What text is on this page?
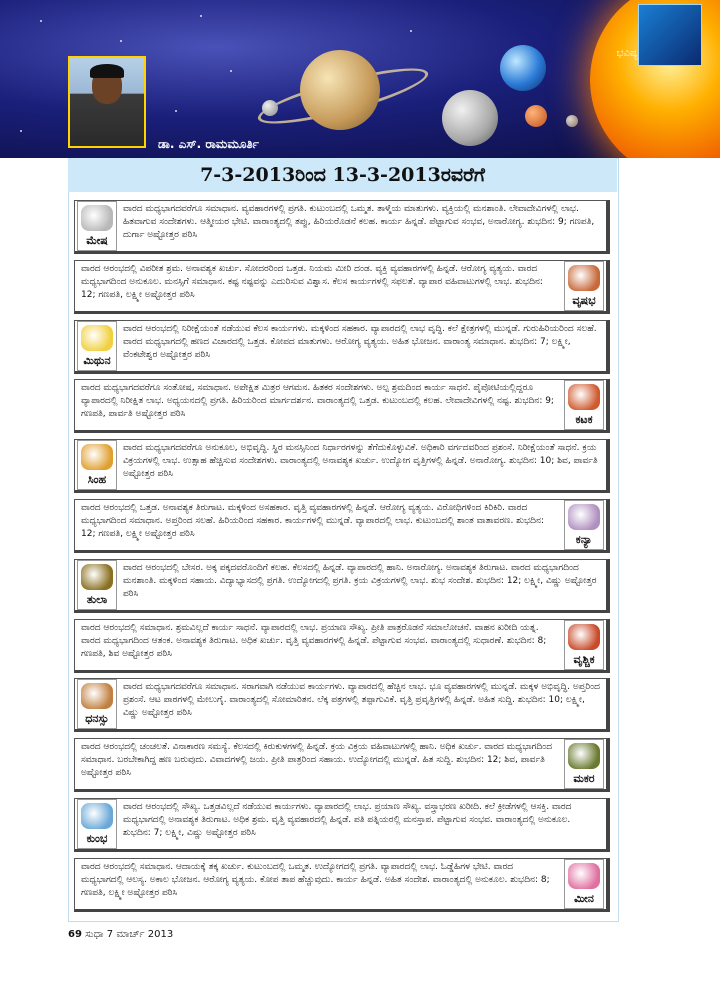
ಭವಿಷ್ಯ
ಡಾ. ಎಸ್. ರಾಮಮೂರ್ತಿ
7-3-2013ರಿಂದ 13-3-2013ರವರೆಗೆ
ಮೇಷ
ವಾರದ ಮಧ್ಯಭಾಗದವರೆಗೂ ಸಮಾಧಾನ. ವ್ಯವಹಾರಗಳಲ್ಲಿ ಪ್ರಗತಿ. ಕುಟುಂಬದಲ್ಲಿ ಒಮ್ಮತ. ತಾಳ್ಮೆಯ ಮಾತುಗಳು. ವ್ಯಕ್ತಿಯಲ್ಲಿ ಮನಶಾಂತಿ. ಲೇವಾದೇವಿಗಳಲ್ಲಿ ಲಾಭ. ಹಿತವಾಗುವ ಸಂದೇಶಗಳು. ಆತ್ಮೀಯರ ಭೇಟಿ. ವಾರಾಂತ್ಯದಲ್ಲಿ ತಪ್ಪು, ಹಿರಿಯರೊಡನೆ ಕಲಹ. ಕಾರ್ಯ ಹಿನ್ನಡೆ. ಪೆಟ್ಟಾಗುವ ಸಂಭವ, ಅನಾರೋಗ್ಯ. ಶುಭದಿನ: 9; ಗಣಪತಿ, ದುರ್ಗಾ ಅಷ್ಟೋತ್ತರ ಪಠಿಸಿ
ವೃಷಭ
ವಾರದ ಆರಂಭದಲ್ಲಿ ವಿಪರೀತ ಶ್ರಮ. ಅನಾವಶ್ಯಕ ಖರ್ಚು. ಸೋದರರಿಂದ ಒತ್ತಡ. ನಿಯಮ ಮೀರಿ ದಂಡ. ವ್ಯಕ್ತಿ ವ್ಯವಹಾರಗಳಲ್ಲಿ ಹಿನ್ನಡೆ. ಆರೋಗ್ಯ ವ್ಯತ್ಯಯ. ವಾರದ ಮಧ್ಯಭಾಗದಿಂದ ಅನುಕೂಲ. ಮನಸ್ಸಿಗೆ ಸಮಾಧಾನ. ಕಷ್ಟ ನಷ್ಟವನ್ನು ಎದುರಿಸುವ ವಿಶ್ವಾಸ. ಕೆಲಸ ಕಾರ್ಯಗಳಲ್ಲಿ ಸಫಲತೆ. ವ್ಯಾಪಾರ ವಹಿವಾಟುಗಳಲ್ಲಿ ಲಾಭ. ಶುಭದಿನ: 12; ಗಣಪತಿ, ಲಕ್ಷ್ಮೀ ಅಷ್ಟೋತ್ತರ ಪಠಿಸಿ
ಮಿಥುನ
ವಾರದ ಆರಂಭದಲ್ಲಿ ನಿರೀಕ್ಷೆಯಂತೆ ನಡೆಯುವ ಕೆಲಸ ಕಾರ್ಯಗಳು. ಮಕ್ಕಳಿಂದ ಸಹಕಾರ. ವ್ಯಾಪಾರದಲ್ಲಿ ಲಾಭ ವೃದ್ಧಿ. ಕಲೆ ಕ್ಷೇತ್ರಗಳಲ್ಲಿ ಮುನ್ನಡೆ. ಗುರುಹಿರಿಯರಿಂದ ಸಲಹೆ. ವಾರದ ಮಧ್ಯಭಾಗದಲ್ಲಿ ಹಣದ ವಿಚಾರದಲ್ಲಿ ಒತ್ತಡ. ಕೋಪದ ಮಾತುಗಳು. ಆರೋಗ್ಯ ವ್ಯತ್ಯಯ. ಅಹಿತ ಭೋಜನ. ವಾರಾಂತ್ಯ ಸಮಾಧಾನ. ಶುಭದಿನ: 7; ಲಕ್ಷ್ಮೀ, ವೆಂಕಟೇಶ್ವರ ಅಷ್ಟೋತ್ತರ ಪಠಿಸಿ
ಕಟಕ
ವಾರದ ಮಧ್ಯಭಾಗದವರೆಗೂ ಸಂತೋಷ, ಸಮಾಧಾನ. ಅಪೇಕ್ಷಿತ ಮಿತ್ರರ ಆಗಮನ. ಹಿತಕರ ಸಂದೇಶಗಳು. ಅಲ್ಪ ಶ್ರಮದಿಂದ ಕಾರ್ಯ ಸಾಧನೆ. ಪೈಪೋಟಿಯಲ್ಲಿದ್ದರೂ ವ್ಯಾಪಾರದಲ್ಲಿ ನಿರೀಕ್ಷಿತ ಲಾಭ. ಅಧ್ಯಯನದಲ್ಲಿ ಪ್ರಗತಿ. ಹಿರಿಯರಿಂದ ಮಾರ್ಗದರ್ಶನ. ವಾರಾಂತ್ಯದಲ್ಲಿ ಒತ್ತಡ. ಕುಟುಂಬದಲ್ಲಿ ಕಲಹ. ಲೇವಾದೇವಿಗಳಲ್ಲಿ ನಷ್ಟ. ಶುಭದಿನ: 9; ಗಣಪತಿ, ಪಾರ್ವತಿ ಅಷ್ಟೋತ್ತರ ಪಠಿಸಿ
ಸಿಂಹ
ವಾರದ ಮಧ್ಯಭಾಗದವರೆಗೂ ಅನುಕೂಲ, ಅಭಿವೃದ್ಧಿ. ಸ್ಥಿರ ಮನಸ್ಸಿನಿಂದ ನಿರ್ಧಾರಗಳನ್ನು ತೆಗೆದುಕೊಳ್ಳುವಿಕೆ. ಅಧಿಕಾರಿ ವರ್ಗದವರಿಂದ ಪ್ರಶಂಸೆ. ನಿರೀಕ್ಷೆಯಂತೆ ಸಾಧನೆ. ಕ್ರಯ ವಿಕ್ರಯಗಳಲ್ಲಿ ಲಾಭ. ಉತ್ಸಾಹ ಹೆಚ್ಚಿಸುವ ಸಂದೇಶಗಳು. ವಾರಾಂತ್ಯದಲ್ಲಿ ಅನಾವಶ್ಯಕ ಖರ್ಚು. ಉದ್ಯೋಗ ವೃತ್ತಿಗಳಲ್ಲಿ ಹಿನ್ನಡೆ. ಅನಾರೋಗ್ಯ. ಶುಭದಿನ: 10; ಶಿವ, ಪಾರ್ವತಿ ಅಷ್ಟೋತ್ತರ ಪಠಿಸಿ
ಕನ್ಯಾ
ವಾರದ ಆರಂಭದಲ್ಲಿ ಒತ್ತಡ. ಅನಾವಶ್ಯಕ ತಿರುಗಾಟ. ಮಕ್ಕಳಿಂದ ಅಸಹಕಾರ. ವೃತ್ತಿ ವ್ಯವಹಾರಗಳಲ್ಲಿ ಹಿನ್ನಡೆ. ಆರೋಗ್ಯ ವ್ಯತ್ಯಯ. ವಿರೋಧಿಗಳಿಂದ ಕಿರಿಕಿರಿ. ವಾರದ ಮಧ್ಯಭಾಗದಿಂದ ಸಮಾಧಾನ. ಅಪ್ತರಿಂದ ಸಲಹೆ. ಹಿರಿಯರಿಂದ ಸಹಕಾರ. ಕಾರ್ಯಗಳಲ್ಲಿ ಮುನ್ನಡೆ. ವ್ಯಾಪಾರದಲ್ಲಿ ಲಾಭ. ಕುಟುಂಬದಲ್ಲಿ ಶಾಂತ ವಾತಾವರಣ. ಶುಭದಿನ: 12; ಗಣಪತಿ, ಲಕ್ಷ್ಮೀ ಅಷ್ಟೋತ್ತರ ಪಠಿಸಿ
ತುಲಾ
ವಾರದ ಆರಂಭದಲ್ಲಿ ಬೇಸರ. ಅಕ್ಕ ಪಕ್ಕದವರೊಂದಿಗೆ ಕಲಹ. ಕೆಲಸದಲ್ಲಿ ಹಿನ್ನಡೆ. ವ್ಯಾಪಾರದಲ್ಲಿ ಹಾನಿ. ಅನಾರೋಗ್ಯ. ಅನಾವಶ್ಯಕ ತಿರುಗಾಟ. ವಾರದ ಮಧ್ಯಭಾಗದಿಂದ ಮನಶಾಂತಿ. ಮಕ್ಕಳಿಂದ ಸಹಾಯ. ವಿದ್ಯಾಭ್ಯಾಸದಲ್ಲಿ ಪ್ರಗತಿ. ಉದ್ಯೋಗದಲ್ಲಿ ಪ್ರಗತಿ. ಕ್ರಯ ವಿಕ್ರಯಗಳಲ್ಲಿ ಲಾಭ. ಶುಭ ಸಂದೇಶ. ಶುಭದಿನ: 12; ಲಕ್ಷ್ಮೀ, ವಿಷ್ಣು ಅಷ್ಟೋತ್ತರ ಪಠಿಸಿ
ವೃಶ್ಚಿಕ
ವಾರದ ಆರಂಭದಲ್ಲಿ ಸಮಾಧಾನ. ಶ್ರಮವಿಲ್ಲದೆ ಕಾರ್ಯ ಸಾಧನೆ. ವ್ಯಾಪಾರದಲ್ಲಿ ಲಾಭ. ಪ್ರಯಾಣ ಸೌಖ್ಯ. ಪ್ರೀತಿ ಪಾತ್ರರೊಡನೆ ಸಮಾಲೋಚನೆ. ವಾಹನ ಖರೀದಿ ಯತ್ನ. ವಾರದ ಮಧ್ಯಭಾಗದಿಂದ ಆತಂಕ. ಅನಾವಶ್ಯಕ ತಿರುಗಾಟ. ಅಧಿಕ ಖರ್ಚು. ವೃತ್ತಿ ವ್ಯವಹಾರಗಳಲ್ಲಿ ಹಿನ್ನಡೆ. ಪೆಟ್ಟಾಗುವ ಸಂಭವ. ವಾರಾಂತ್ಯದಲ್ಲಿ ಸುಧಾರಣೆ. ಶುಭದಿನ: 8; ಗಣಪತಿ, ಶಿವ ಅಷ್ಟೋತ್ತರ ಪಠಿಸಿ
ಧನಸ್ಸು
ವಾರದ ಮಧ್ಯಭಾಗದವರೆಗೂ ಸಮಾಧಾನ. ಸರಾಗವಾಗಿ ನಡೆಯುವ ಕಾರ್ಯಗಳು. ವ್ಯಾಪಾರದಲ್ಲಿ ಹೆಚ್ಚಿನ ಲಾಭ. ಭೂ ವ್ಯವಹಾರಗಳಲ್ಲಿ ಮುನ್ನಡೆ. ಮಕ್ಕಳ ಅಭಿವೃದ್ಧಿ. ಅಪ್ತರಿಂದ ಪ್ರಶಂಸೆ. ಆಟ ಪಾಠಗಳಲ್ಲಿ ಮೇಲುಗೈ. ವಾರಾಂತ್ಯದಲ್ಲಿ ಸೋಮಾರಿತನ. ಲೆಕ್ಕ ಪತ್ರಗಳಲ್ಲಿ ತಪ್ಪಾಗುವಿಕೆ. ವೃತ್ತಿ ಪ್ರವೃತ್ತಿಗಳಲ್ಲಿ ಹಿನ್ನಡೆ. ಅಹಿತ ಸುದ್ದಿ. ಶುಭದಿನ: 10; ಲಕ್ಷ್ಮೀ, ವಿಷ್ಣು ಅಷ್ಟೋತ್ತರ ಪಠಿಸಿ
ಮಕರ
ವಾರದ ಆರಂಭದಲ್ಲಿ ಚಂಚಲತೆ. ವಿನಾಕಾರಣ ಸಮಸ್ಯೆ. ಕೆಲಸದಲ್ಲಿ ಕಿರುಕುಳಗಳಲ್ಲಿ ಹಿನ್ನಡೆ. ಕ್ರಯ ವಿಕ್ರಯ ವಹಿವಾಟುಗಳಲ್ಲಿ ಹಾನಿ. ಅಧಿಕ ಖರ್ಚು. ವಾರದ ಮಧ್ಯಭಾಗದಿಂದ ಸಮಾಧಾನ. ಬರಬೇಕಾಗಿದ್ದ ಹಣ ಬರುವುದು. ವಿವಾದಗಳಲ್ಲಿ ಜಯ. ಪ್ರೀತಿ ಪಾತ್ರರಿಂದ ಸಹಾಯ. ಉದ್ಯೋಗದಲ್ಲಿ ಮುನ್ನಡೆ. ಹಿತ ಸುದ್ದಿ. ಶುಭದಿನ: 12; ಶಿವ, ಪಾರ್ವತಿ ಅಷ್ಟೋತ್ತರ ಪಠಿಸಿ
ಕುಂಭ
ವಾರದ ಆರಂಭದಲ್ಲಿ ಸೌಖ್ಯ. ಒತ್ತಡವಿಲ್ಲದೆ ನಡೆಯುವ ಕಾರ್ಯಗಳು. ವ್ಯಾಪಾರದಲ್ಲಿ ಲಾಭ. ಪ್ರಯಾಣ ಸೌಖ್ಯ. ವಸ್ತ್ರಾಭರಣ ಖರೀದಿ. ಕಲೆ ಕ್ರೀಡೆಗಳಲ್ಲಿ ಆಸಕ್ತಿ. ವಾರದ ಮಧ್ಯಭಾಗದಲ್ಲಿ ಅನಾವಶ್ಯಕ ತಿರುಗಾಟ. ಅಧಿಕ ಶ್ರಮ. ವೃತ್ತಿ ವ್ಯವಹಾರದಲ್ಲಿ ಹಿನ್ನಡೆ. ಪತಿ ಪತ್ನಿಯರಲ್ಲಿ ಮನಸ್ತಾಪ. ಪೆಟ್ಟಾಗುವ ಸಂಭವ. ವಾರಾಂತ್ಯದಲ್ಲಿ ಅನುಕೂಲ. ಶುಭದಿನ: 7; ಲಕ್ಷ್ಮೀ, ವಿಷ್ಣು ಅಷ್ಟೋತ್ತರ ಪಠಿಸಿ
ಮೀನ
ವಾರದ ಆರಂಭದಲ್ಲಿ ಸಮಾಧಾನ. ಆದಾಯಕ್ಕೆ ತಕ್ಕ ಖರ್ಚು. ಕುಟುಂಬದಲ್ಲಿ ಒಮ್ಮತ. ಉದ್ಯೋಗದಲ್ಲಿ ಪ್ರಗತಿ. ವ್ಯಾಪಾರದಲ್ಲಿ ಲಾಭ. ಓಡ್ಡೆಹಿಗಳ ಭೇಟಿ. ವಾರದ ಮಧ್ಯಭಾಗದಲ್ಲಿ ಆಲಸ್ಯ. ಅಕಾಲ ಭೋಜನ. ಆರೋಗ್ಯ ವ್ಯತ್ಯಯ. ಕೋಪ ತಾಪ ಹೆಚ್ಚುವುದು. ಕಾರ್ಯ ಹಿನ್ನಡೆ. ಅಹಿತ ಸಂದೇಶ. ವಾರಾಂತ್ಯದಲ್ಲಿ ಅನುಕೂಲ. ಶುಭದಿನ: 8; ಗಣಪತಿ, ಲಕ್ಷ್ಮೀ ಅಷ್ಟೋತ್ತರ ಪಠಿಸಿ
69 ಸುಧಾ 7 ಮಾರ್ಚ್ 2013
